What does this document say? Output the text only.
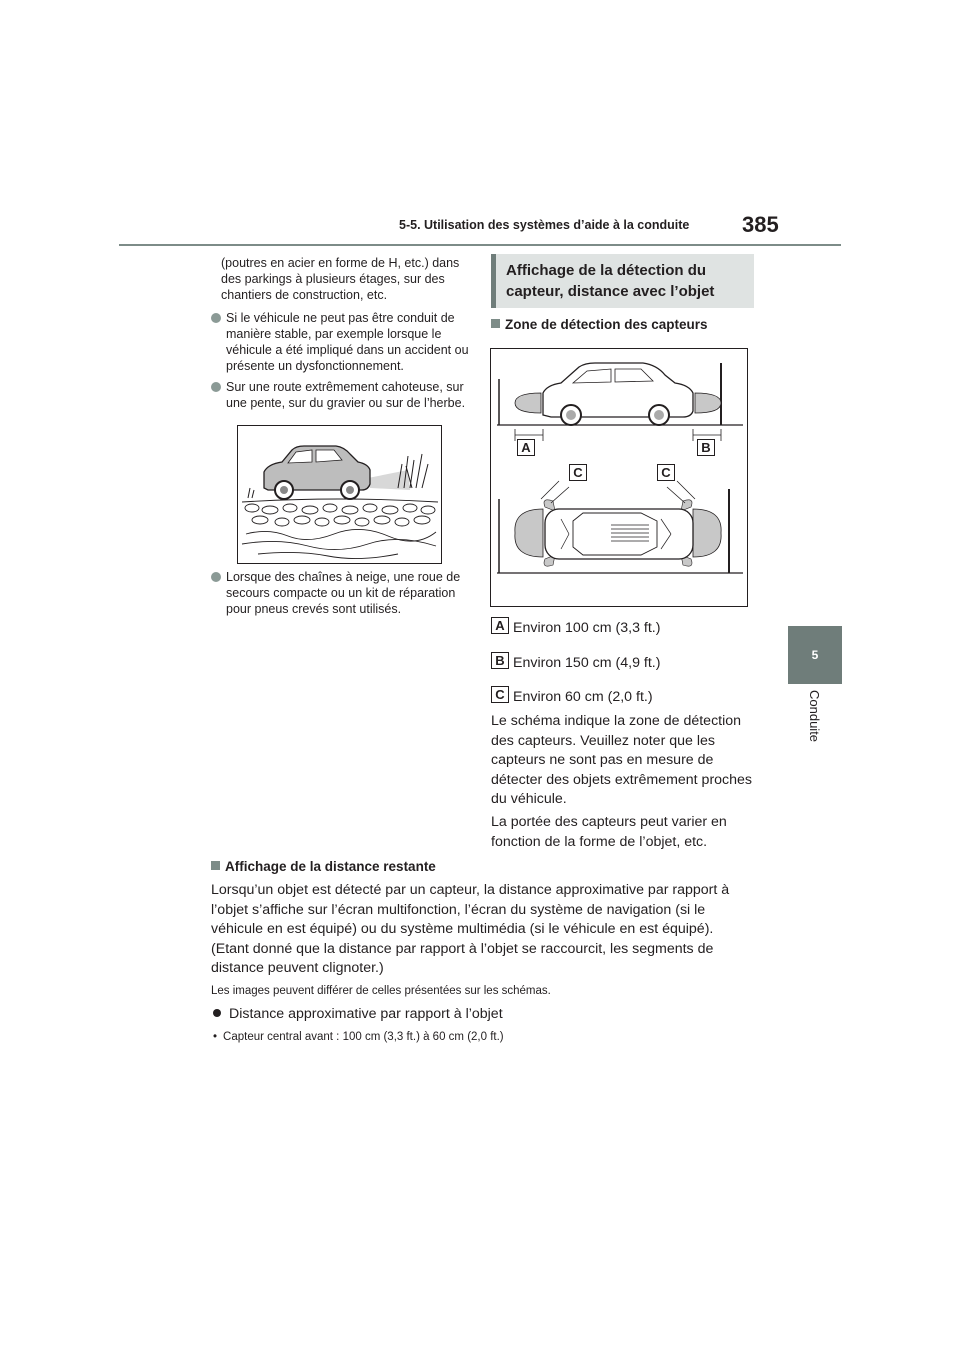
5-5. Utilisation des systèmes d’aide à la conduite 385
5
Conduite
(poutres en acier en forme de H, etc.) dans des parkings à plusieurs étages, sur des chantiers de construction, etc.
Si le véhicule ne peut pas être conduit de manière stable, par exemple lorsque le véhicule a été impliqué dans un accident ou présente un dysfonctionnement.
Sur une route extrêmement cahoteuse, sur une pente, sur du gravier ou sur de l’herbe.
Lorsque des chaînes à neige, une roue de secours compacte ou un kit de réparation pour pneus crevés sont utilisés.
Affichage de la détection du capteur, distance avec l’objet
Zone de détection des capteurs
A	B
C	C
A Environ 100 cm (3,3 ft.)
B Environ 150 cm (4,9 ft.)
C Environ 60 cm (2,0 ft.)
Le schéma indique la zone de détection des capteurs. Veuillez noter que les capteurs ne sont pas en mesure de détecter des objets extrêmement proches du véhicule.
La portée des capteurs peut varier en fonction de la forme de l’objet, etc.
Affichage de la distance restante
Lorsqu’un objet est détecté par un capteur, la distance approximative par rapport à l’objet s’affiche sur l’écran multifonction, l’écran du système de navigation (si le véhicule en est équipé) ou du système multimédia (si le véhicule en est équipé). (Etant donné que la distance par rapport à l’objet se raccourcit, les segments de distance peuvent clignoter.)
Les images peuvent différer de celles présentées sur les schémas.
Distance approximative par rapport à l’objet
• Capteur central avant : 100 cm (3,3 ft.) à 60 cm (2,0 ft.)
